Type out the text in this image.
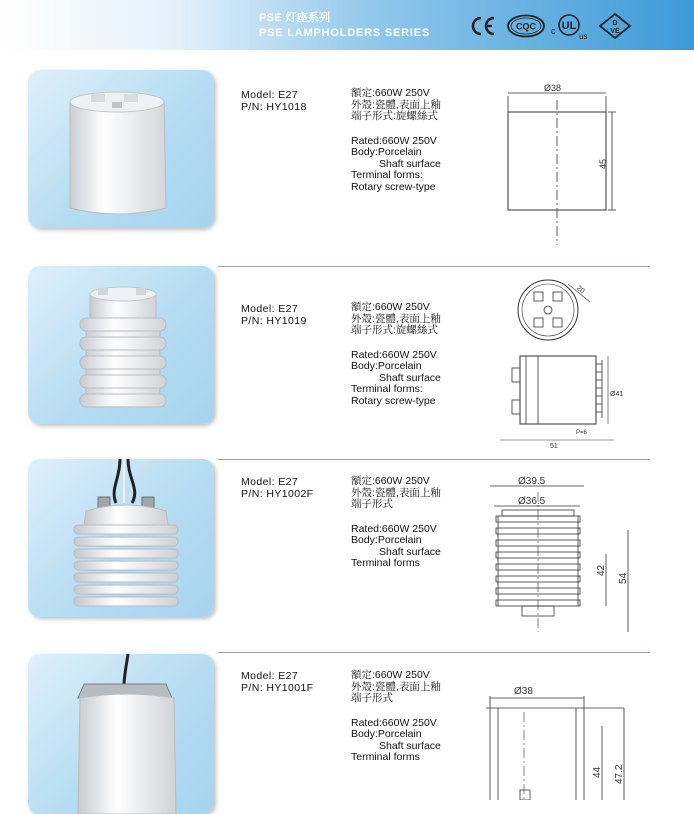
PSE 灯座系列
PSE LAMPHOLDERS SERIES
CQC c UL
us
D
VE
Model: E27
P/N: HY1018
額定:660W 250V
外殼:瓷體,表面上釉
端子形式:旋螺絲式
Rated:660W 250V
Body:Porcelain
Shaft surface
Terminal forms:
Rotary screw-type
Ø38
45
Model: E27
P/N: HY1019
額定:660W 250V
外殼:瓷體,表面上釉
端子形式:旋螺絲式
Rated:660W 250V
Body:Porcelain
Shaft surface
Terminal forms:
Rotary screw-type
20
Ø41
51
P=6
Model: E27
P/N: HY1002F
額定:660W 250V
外殼:瓷體,表面上釉
端子形式
Rated:660W 250V
Body:Porcelain
Shaft surface
Terminal forms
Ø39.5
Ø36.5
42
54
Model: E27
P/N: HY1001F
額定:660W 250V
外殼:瓷體,表面上釉
端子形式
Rated:660W 250V
Body:Porcelain
Shaft surface
Terminal forms
Ø38
44 47.2
